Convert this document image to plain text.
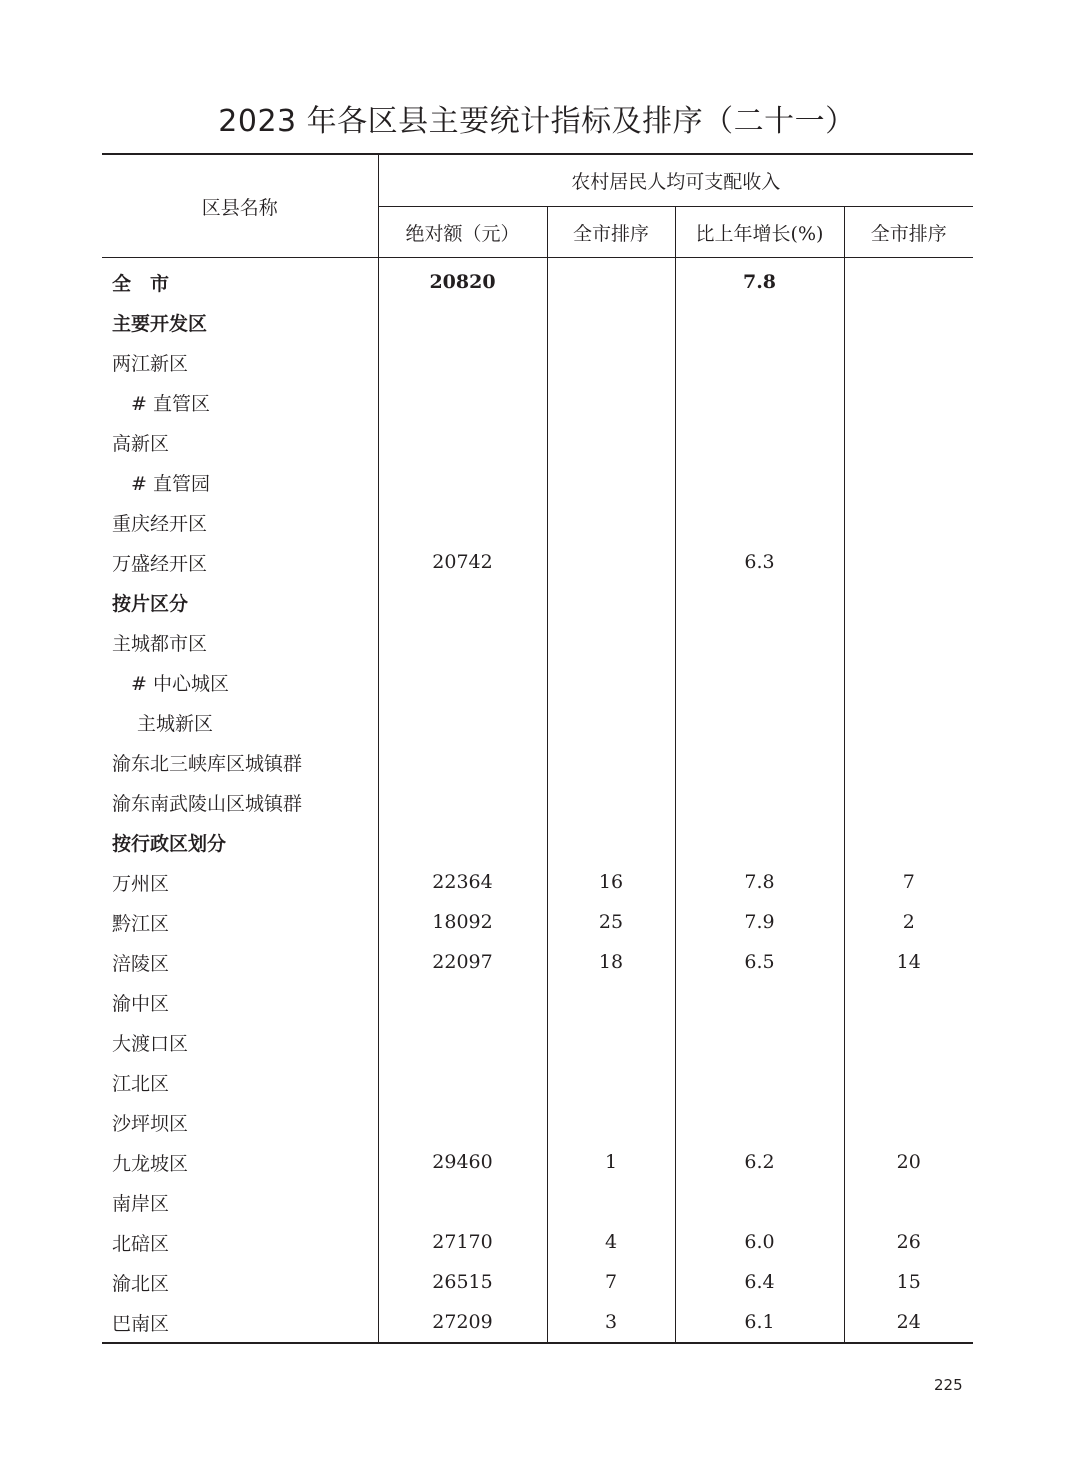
2023 年各区县主要统计指标及排序（二十一）
区县名称	农村居民人均可支配收入			
	绝对额（元）	全市排序	比上年增长(%)	全市排序
全　市	20820		7.8	
主要开发区				
两江新区				
# 直管区				
高新区				
# 直管园				
重庆经开区				
万盛经开区	20742		6.3	
按片区分				
主城都市区				
# 中心城区				
主城新区				
渝东北三峡库区城镇群				
渝东南武陵山区城镇群				
按行政区划分				
万州区	22364	16	7.8	7
黔江区	18092	25	7.9	2
涪陵区	22097	18	6.5	14
渝中区				
大渡口区				
江北区				
沙坪坝区				
九龙坡区	29460	1	6.2	20
南岸区				
北碚区	27170	4	6.0	26
渝北区	26515	7	6.4	15
巴南区	27209	3	6.1	24
225
